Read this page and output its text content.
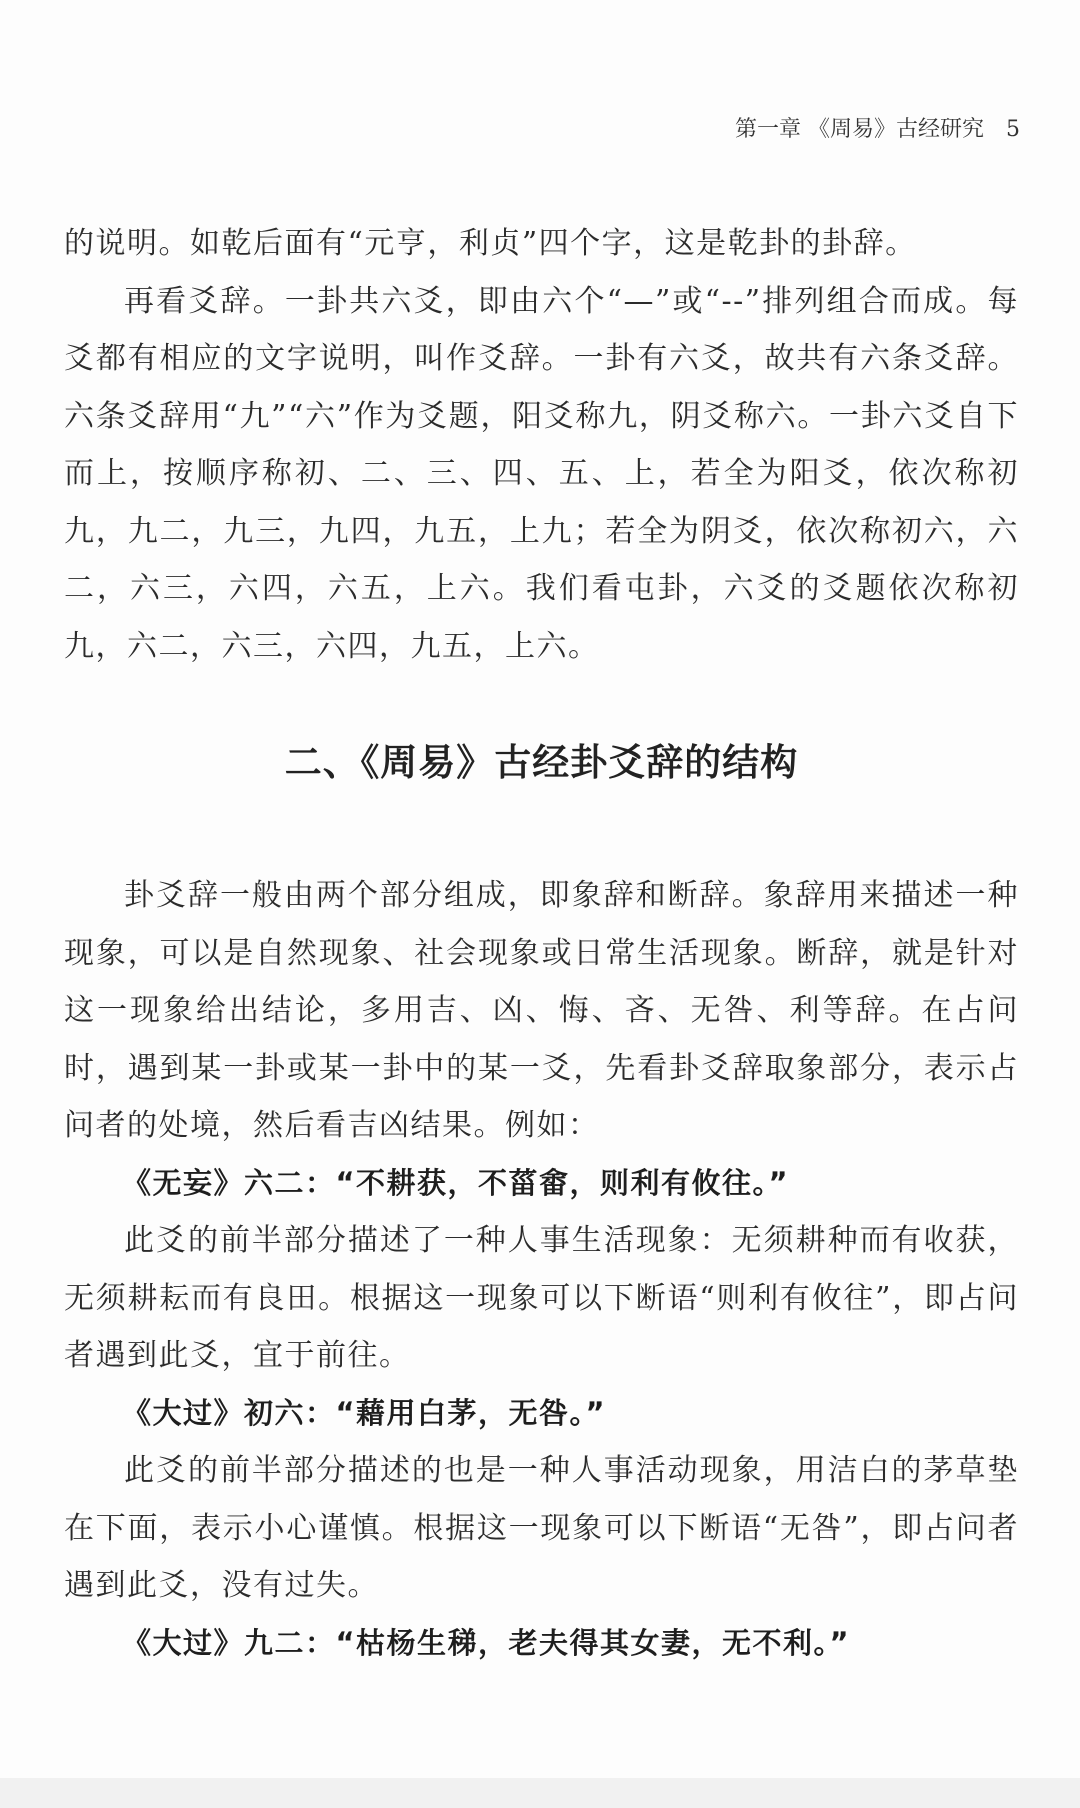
第一章 《周易》古经研究 5

的说明。如乾后面有“元亨，利贞”四个字，这是乾卦的卦辞。

再看爻辞。一卦共六爻，即由六个“—”或“--”排列组合而成。每爻都有相应的文字说明，叫作爻辞。一卦有六爻，故共有六条爻辞。六条爻辞用“九”“六”作为爻题，阳爻称九，阴爻称六。一卦六爻自下而上，按顺序称初、二、三、四、五、上，若全为阳爻，依次称初九，九二，九三，九四，九五，上九；若全为阴爻，依次称初六，六二，六三，六四，六五，上六。我们看屯卦，六爻的爻题依次称初九，六二，六三，六四，九五，上六。

二、《周易》古经卦爻辞的结构

卦爻辞一般由两个部分组成，即象辞和断辞。象辞用来描述一种现象，可以是自然现象、社会现象或日常生活现象。断辞，就是针对这一现象给出结论，多用吉、凶、悔、吝、无咎、利等辞。在占问时，遇到某一卦或某一卦中的某一爻，先看卦爻辞取象部分，表示占问者的处境，然后看吉凶结果。例如：

《无妄》六二：“不耕获，不菑畬，则利有攸往。”

此爻的前半部分描述了一种人事生活现象：无须耕种而有收获，无须耕耘而有良田。根据这一现象可以下断语“则利有攸往”，即占问者遇到此爻，宜于前往。

《大过》初六：“藉用白茅，无咎。”

此爻的前半部分描述的也是一种人事活动现象，用洁白的茅草垫在下面，表示小心谨慎。根据这一现象可以下断语“无咎”，即占问者遇到此爻，没有过失。

《大过》九二：“枯杨生稊，老夫得其女妻，无不利。”
